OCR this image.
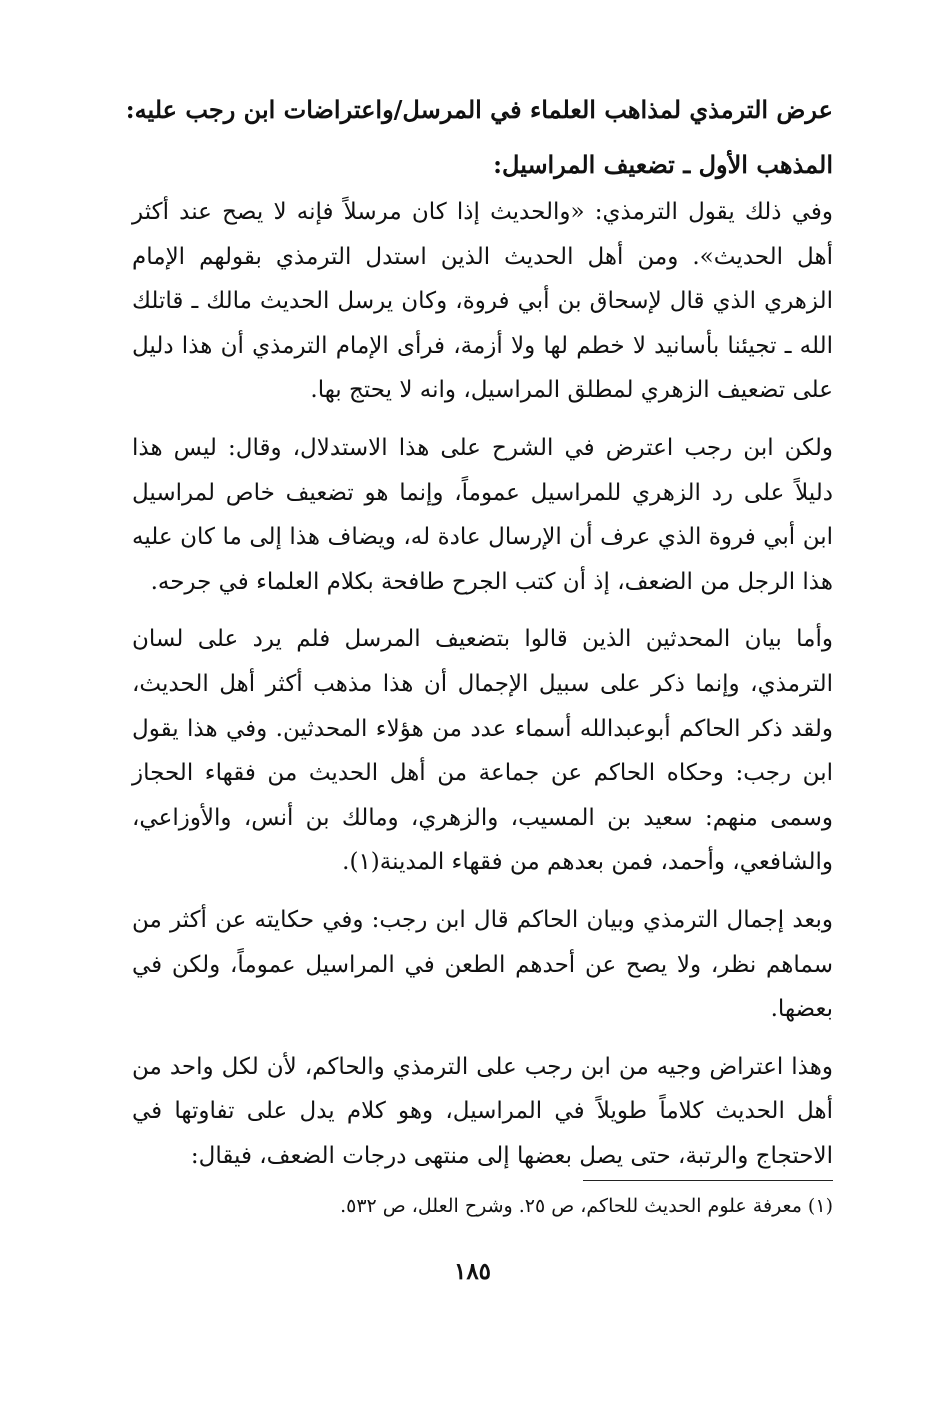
عرض الترمذي لمذاهب العلماء في المرسل/واعتراضات ابن رجب عليه:
المذهب الأول ـ تضعيف المراسيل:

وفي ذلك يقول الترمذي: «والحديث إذا كان مرسلاً فإنه لا يصح عند أكثر أهل الحديث». ومن أهل الحديث الذين استدل الترمذي بقولهم الإمام الزهري الذي قال لإسحاق بن أبي فروة، وكان يرسل الحديث مالك ـ قاتلك الله ـ تجيئنا بأسانيد لا خطم لها ولا أزمة، فرأى الإمام الترمذي أن هذا دليل على تضعيف الزهري لمطلق المراسيل، وانه لا يحتج بها.

ولكن ابن رجب اعترض في الشرح على هذا الاستدلال، وقال: ليس هذا دليلاً على رد الزهري للمراسيل عموماً، وإنما هو تضعيف خاص لمراسيل ابن أبي فروة الذي عرف أن الإرسال عادة له، ويضاف هذا إلى ما كان عليه هذا الرجل من الضعف، إذ أن كتب الجرح طافحة بكلام العلماء في جرحه.

وأما بيان المحدثين الذين قالوا بتضعيف المرسل فلم يرد على لسان الترمذي، وإنما ذكر على سبيل الإجمال أن هذا مذهب أكثر أهل الحديث، ولقد ذكر الحاكم أبوعبدالله أسماء عدد من هؤلاء المحدثين. وفي هذا يقول ابن رجب: وحكاه الحاكم عن جماعة من أهل الحديث من فقهاء الحجاز وسمى منهم: سعيد بن المسيب، والزهري، ومالك بن أنس، والأوزاعي، والشافعي، وأحمد، فمن بعدهم من فقهاء المدينة(١).

وبعد إجمال الترمذي وبيان الحاكم قال ابن رجب: وفي حكايته عن أكثر من سماهم نظر، ولا يصح عن أحدهم الطعن في المراسيل عموماً، ولكن في بعضها.

وهذا اعتراض وجيه من ابن رجب على الترمذي والحاكم، لأن لكل واحد من أهل الحديث كلاماً طويلاً في المراسيل، وهو كلام يدل على تفاوتها في الاحتجاج والرتبة، حتى يصل بعضها إلى منتهى درجات الضعف، فيقال:

(١) معرفة علوم الحديث للحاكم، ص ٢٥. وشرح العلل، ص ٥٣٢.
١٨٥
